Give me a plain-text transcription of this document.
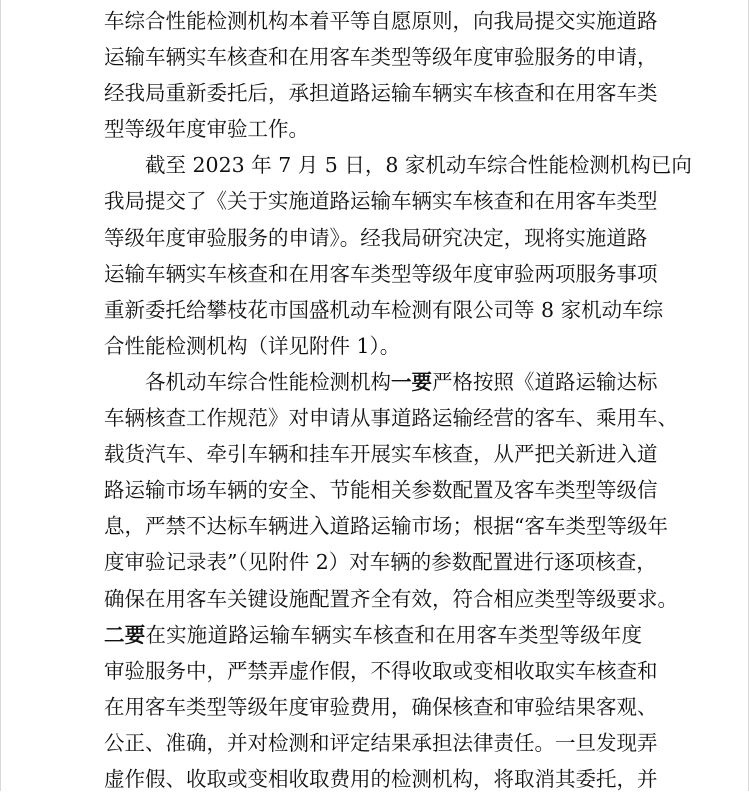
车综合性能检测机构本着平等自愿原则，向我局提交实施道路
运输车辆实车核查和在用客车类型等级年度审验服务的申请，
经我局重新委托后，承担道路运输车辆实车核查和在用客车类
型等级年度审验工作。
截至 2023 年 7 月 5 日，8 家机动车综合性能检测机构已向
我局提交了《关于实施道路运输车辆实车核查和在用客车类型
等级年度审验服务的申请》。经我局研究决定，现将实施道路
运输车辆实车核查和在用客车类型等级年度审验两项服务事项
重新委托给攀枝花市国盛机动车检测有限公司等 8 家机动车综
合性能检测机构（详见附件 1）。
各机动车综合性能检测机构一要严格按照《道路运输达标
车辆核查工作规范》对申请从事道路运输经营的客车、乘用车、
载货汽车、牵引车辆和挂车开展实车核查，从严把关新进入道
路运输市场车辆的安全、节能相关参数配置及客车类型等级信
息，严禁不达标车辆进入道路运输市场；根据“客车类型等级年
度审验记录表”（见附件 2）对车辆的参数配置进行逐项核查，
确保在用客车关键设施配置齐全有效，符合相应类型等级要求。
二要在实施道路运输车辆实车核查和在用客车类型等级年度
审验服务中，严禁弄虚作假，不得收取或变相收取实车核查和
在用客车类型等级年度审验费用，确保核查和审验结果客观、
公正、准确，并对检测和评定结果承担法律责任。一旦发现弄
虚作假、收取或变相收取费用的检测机构，将取消其委托，并
